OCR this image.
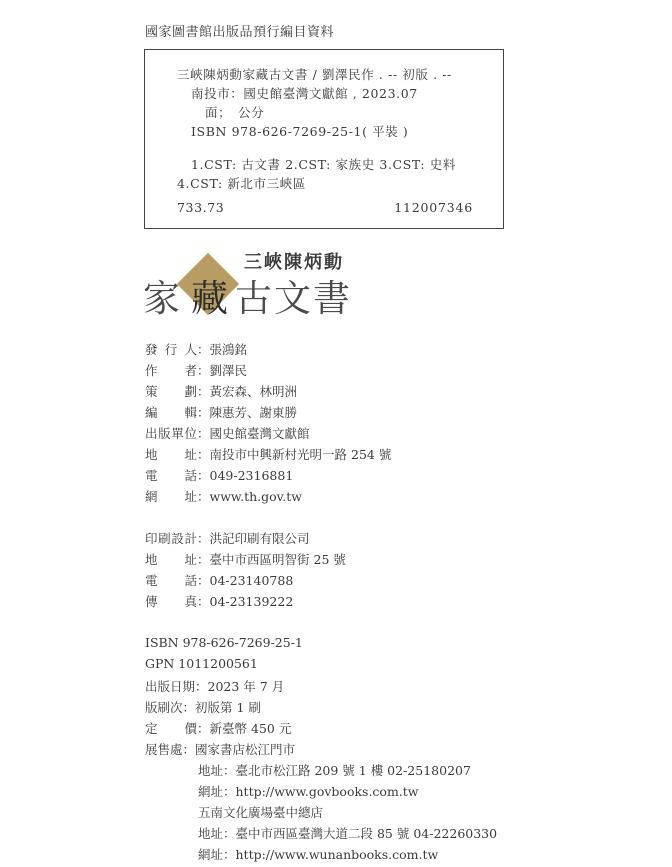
國家圖書館出版品預行編目資料
三峽陳炳動家藏古文書 / 劉澤民作 . -- 初版 . --
南投市：國史館臺灣文獻館 , 2023.07
面；　公分
ISBN 978-626-7269-25-1( 平裝 )
1.CST: 古文書 2.CST: 家族史 3.CST: 史料
4.CST: 新北市三峽區
733.73	112007346
三峽陳炳動
家 藏 古 文 書
發 行 人 ：張鴻銘
作 者 ：劉澤民
策 劃 ：黃宏森、林明洲
編 輯 ：陳惠芳、謝東勝
出 版 單 位 ：國史館臺灣文獻館
地 址 ：南投市中興新村光明一路 254 號
電 話 ：049-2316881
網 址 ：www.th.gov.tw
印 刷 設 計 ：洪記印刷有限公司
地 址 ：臺中市西區明智街 25 號
電 話 ：04-23140788
傳 真 ：04-23139222
ISBN 978-626-7269-25-1
GPN 1011200561
出版日期：2023 年 7 月
版刷次：初版第 1 刷
定 價 ：新臺幣 450 元
展售處：國家書店松江門市
地址：臺北市松江路 209 號 1 樓 02-25180207
網址：http://www.govbooks.com.tw
五南文化廣場臺中總店
地址：臺中市西區臺灣大道二段 85 號 04-22260330
網址：http://www.wunanbooks.com.tw
